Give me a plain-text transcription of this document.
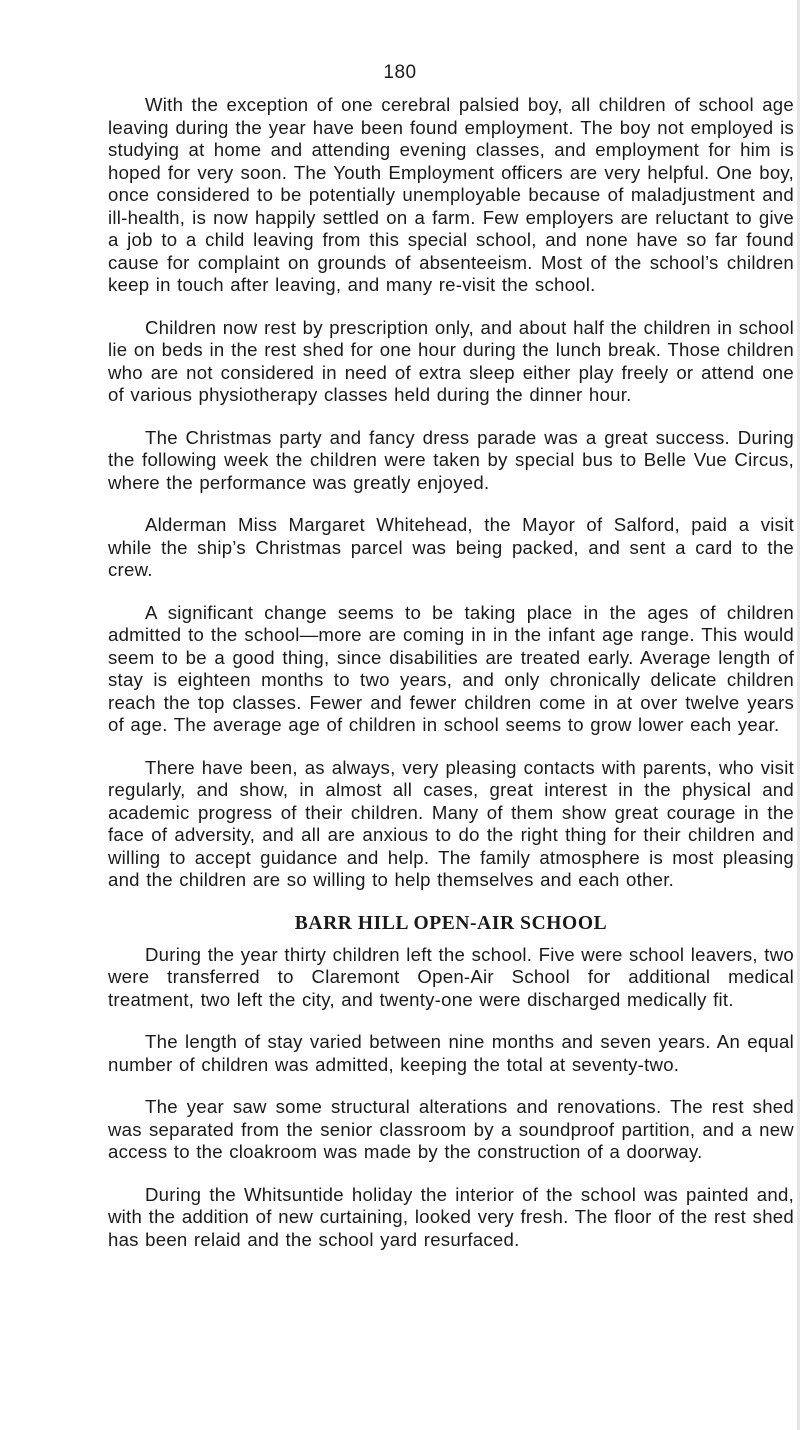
180

With the exception of one cerebral palsied boy, all children of school age leaving during the year have been found employment. The boy not employed is studying at home and attending evening classes, and employment for him is hoped for very soon. The Youth Employment officers are very helpful. One boy, once considered to be potentially unemployable because of maladjustment and ill-health, is now happily settled on a farm. Few employers are reluctant to give a job to a child leaving from this special school, and none have so far found cause for complaint on grounds of absenteeism. Most of the school’s children keep in touch after leaving, and many re-visit the school.

Children now rest by prescription only, and about half the children in school lie on beds in the rest shed for one hour during the lunch break. Those children who are not considered in need of extra sleep either play freely or attend one of various physiotherapy classes held during the dinner hour.

The Christmas party and fancy dress parade was a great success. During the following week the children were taken by special bus to Belle Vue Circus, where the performance was greatly enjoyed.

Alderman Miss Margaret Whitehead, the Mayor of Salford, paid a visit while the ship’s Christmas parcel was being packed, and sent a card to the crew.

A significant change seems to be taking place in the ages of children admitted to the school—more are coming in in the infant age range. This would seem to be a good thing, since disabilities are treated early. Average length of stay is eighteen months to two years, and only chronically delicate children reach the top classes. Fewer and fewer children come in at over twelve years of age. The average age of children in school seems to grow lower each year.

There have been, as always, very pleasing contacts with parents, who visit regularly, and show, in almost all cases, great interest in the physical and academic progress of their children. Many of them show great courage in the face of adversity, and all are anxious to do the right thing for their children and willing to accept guidance and help. The family atmosphere is most pleasing and the children are so willing to help themselves and each other.

BARR HILL OPEN-AIR SCHOOL

During the year thirty children left the school. Five were school leavers, two were transferred to Claremont Open-Air School for additional medical treatment, two left the city, and twenty-one were discharged medically fit.

The length of stay varied between nine months and seven years. An equal number of children was admitted, keeping the total at seventy-two.

The year saw some structural alterations and renovations. The rest shed was separated from the senior classroom by a soundproof partition, and a new access to the cloakroom was made by the construction of a doorway.

During the Whitsuntide holiday the interior of the school was painted and, with the addition of new curtaining, looked very fresh. The floor of the rest shed has been relaid and the school yard resurfaced.
